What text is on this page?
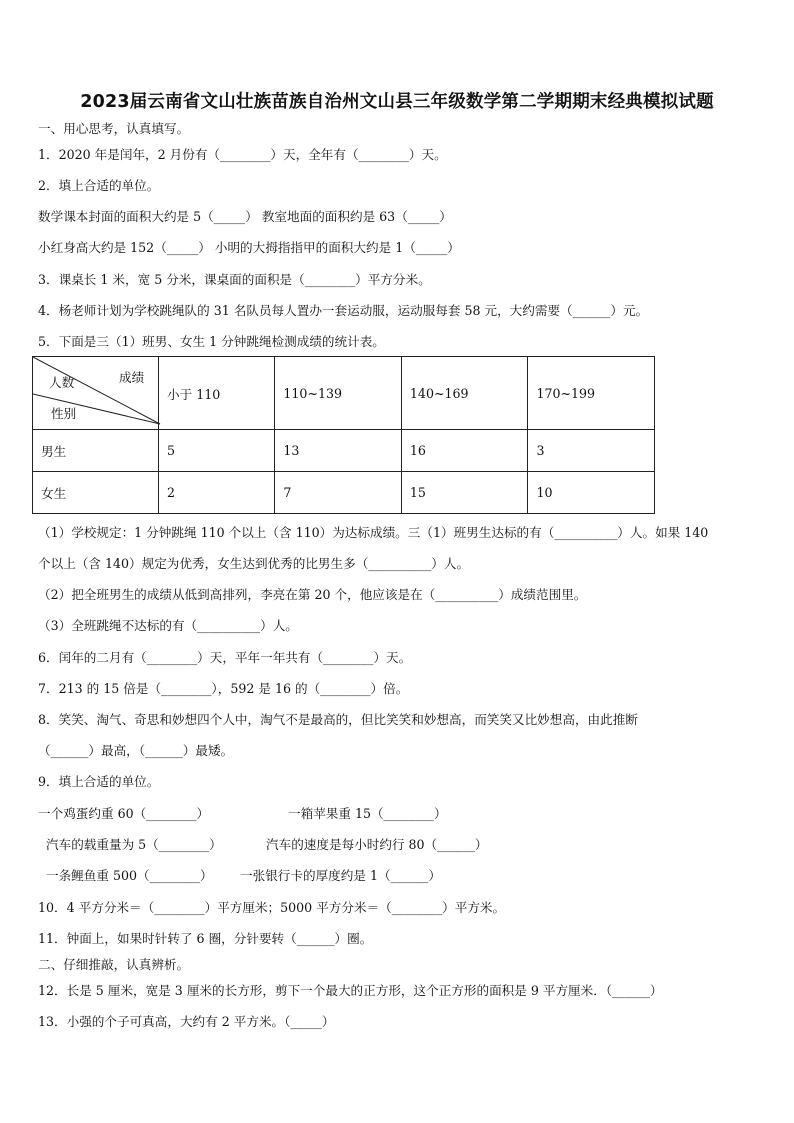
2023届云南省文山壮族苗族自治州文山县三年级数学第二学期期末经典模拟试题
一、用心思考，认真填写。
1．2020 年是闰年，2 月份有（________）天，全年有（________）天。
2．填上合适的单位。
数学课本封面的面积大约是 5（_____） 教室地面的面积约是 63（_____）
小红身高大约是 152（_____） 小明的大拇指指甲的面积大约是 1（_____）
3．课桌长 1 米，宽 5 分米，课桌面的面积是（________）平方分米。
4．杨老师计划为学校跳绳队的 31 名队员每人置办一套运动服，运动服每套 58 元，大约需要（______）元。
5．下面是三（1）班男、女生 1 分钟跳绳检测成绩的统计表。
成绩
人数
性别	小于 110	110~139	140~169	170~199
男生	5	13	16	3
女生	2	7	15	10
（1）学校规定：1 分钟跳绳 110 个以上（含 110）为达标成绩。三（1）班男生达标的有（__________）人。如果 140
个以上（含 140）规定为优秀，女生达到优秀的比男生多（__________）人。
（2）把全班男生的成绩从低到高排列，李亮在第 20 个，他应该是在（__________）成绩范围里。
（3）全班跳绳不达标的有（__________）人。
6．闰年的二月有（________）天，平年一年共有（________）天。
7．213 的 15 倍是（________），592 是 16 的（________）倍。
8．笑笑、淘气、奇思和妙想四个人中，淘气不是最高的，但比笑笑和妙想高，而笑笑又比妙想高，由此推断
（______）最高，（______）最矮。
9．填上合适的单位。
一个鸡蛋约重 60（________）	一箱苹果重 15（________）
汽车的载重量为 5（________）	汽车的速度是每小时约行 80（______）
一条鲤鱼重 500（________） 一张银行卡的厚度约是 1（______）
10．4 平方分米＝（________）平方厘米；5000 平方分米＝（________）平方米。
11．钟面上，如果时针转了 6 圈，分针要转（______）圈。
二、仔细推敲，认真辨析。
12．长是 5 厘米，宽是 3 厘米的长方形，剪下一个最大的正方形，这个正方形的面积是 9 平方厘米．（______）
13．小强的个子可真高，大约有 2 平方米。（_____）
